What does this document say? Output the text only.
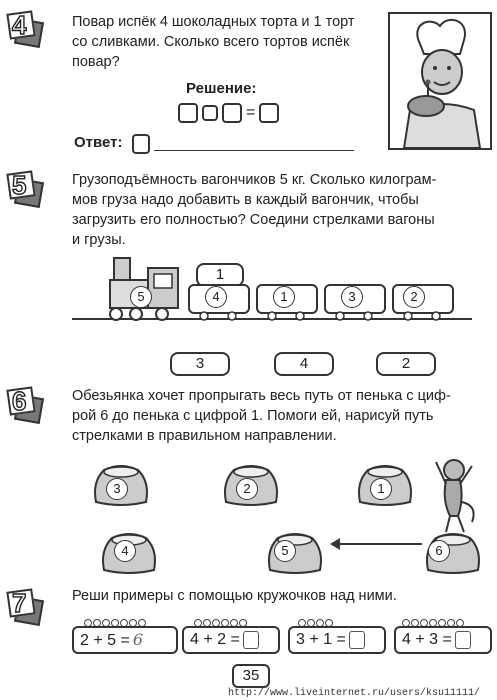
4	Повар испёк 4 шоколадных торта и 1 торт
со сливками. Сколько всего тортов испёк
повар?
Решение:
=
Ответ:
5	Грузоподъёмность вагончиков 5 кг. Сколько килограм-
мов груза надо добавить в каждый вагончик, чтобы
загрузить его полностью? Соедини стрелками вагоны
и грузы.
5
1
4	1	3	2
3	4	2
6	Обезьянка хочет пропрыгать весь путь от пенька с циф-
рой 6 до пенька с цифрой 1. Помоги ей, нарисуй путь
стрелками в правильном направлении.
3	2	1
4	5	6
7	Реши примеры с помощью кружочков над ними.
2 + 5 = 6	4 + 2 =	3 + 1 =	4 + 3 =
35
http://www.liveinternet.ru/users/ksu11111/
